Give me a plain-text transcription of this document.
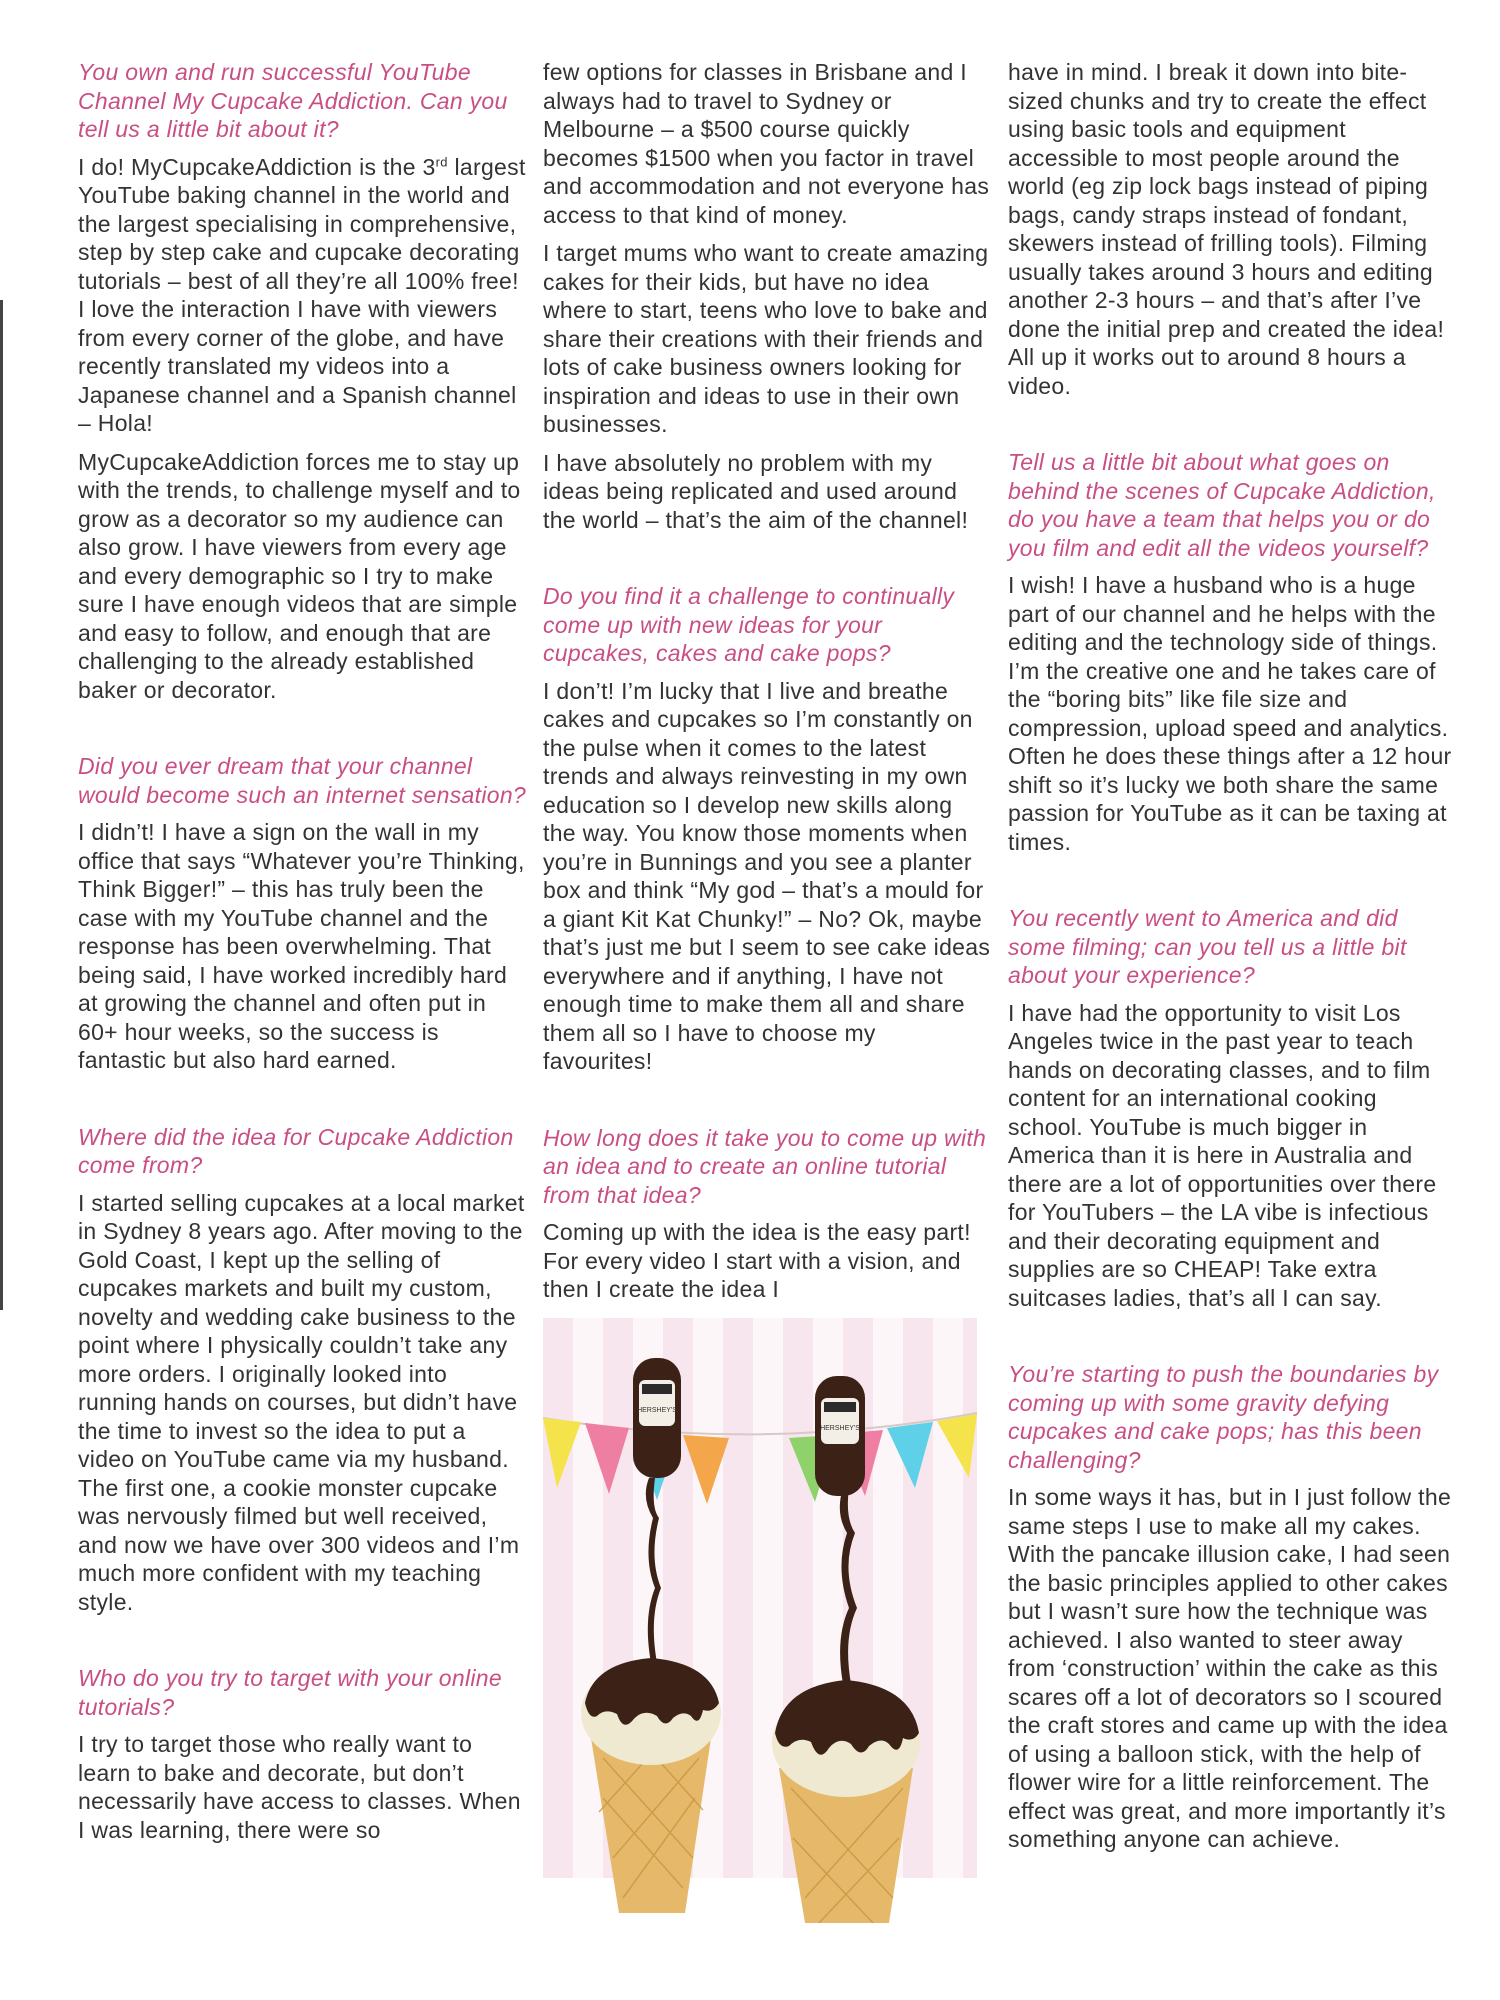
You own and run successful YouTube Channel My Cupcake Addiction. Can you tell us a little bit about it?

I do! MyCupcakeAddiction is the 3rd largest YouTube baking channel in the world and the largest specialising in comprehensive, step by step cake and cupcake decorating tutorials – best of all they’re all 100% free! I love the interaction I have with viewers from every corner of the globe, and have recently translated my videos into a Japanese channel and a Spanish channel – Hola!

MyCupcakeAddiction forces me to stay up with the trends, to challenge myself and to grow as a decorator so my audience can also grow. I have viewers from every age and every demographic so I try to make sure I have enough videos that are simple and easy to follow, and enough that are challenging to the already established baker or decorator.

Did you ever dream that your channel would become such an internet sensation?

I didn’t! I have a sign on the wall in my office that says “Whatever you’re Thinking, Think Bigger!” – this has truly been the case with my YouTube channel and the response has been overwhelming. That being said, I have worked incredibly hard at growing the channel and often put in 60+ hour weeks, so the success is fantastic but also hard earned.

Where did the idea for Cupcake Addiction come from?

I started selling cupcakes at a local market in Sydney 8 years ago. After moving to the Gold Coast, I kept up the selling of cupcakes markets and built my custom, novelty and wedding cake business to the point where I physically couldn’t take any more orders. I originally looked into running hands on courses, but didn’t have the time to invest so the idea to put a video on YouTube came via my husband. The first one, a cookie monster cupcake was nervously filmed but well received, and now we have over 300 videos and I’m much more confident with my teaching style.

Who do you try to target with your online tutorials?

I try to target those who really want to learn to bake and decorate, but don’t necessarily have access to classes. When I was learning, there were so

few options for classes in Brisbane and I always had to travel to Sydney or Melbourne – a $500 course quickly becomes $1500 when you factor in travel and accommodation and not everyone has access to that kind of money.

I target mums who want to create amazing cakes for their kids, but have no idea where to start, teens who love to bake and share their creations with their friends and lots of cake business owners looking for inspiration and ideas to use in their own businesses.

I have absolutely no problem with my ideas being replicated and used around the world – that’s the aim of the channel!

Do you find it a challenge to continually come up with new ideas for your cupcakes, cakes and cake pops?

I don’t! I’m lucky that I live and breathe cakes and cupcakes so I’m constantly on the pulse when it comes to the latest trends and always reinvesting in my own education so I develop new skills along the way. You know those moments when you’re in Bunnings and you see a planter box and think “My god – that’s a mould for a giant Kit Kat Chunky!” – No? Ok, maybe that’s just me but I seem to see cake ideas everywhere and if anything, I have not enough time to make them all and share them all so I have to choose my favourites!

How long does it take you to come up with an idea and to create an online tutorial from that idea?

Coming up with the idea is the easy part! For every video I start with a vision, and then I create the idea I

HERSHEY'S
HERSHEY'S

have in mind. I break it down into bite-sized chunks and try to create the effect using basic tools and equipment accessible to most people around the world (eg zip lock bags instead of piping bags, candy straps instead of fondant, skewers instead of frilling tools). Filming usually takes around 3 hours and editing another 2-3 hours – and that’s after I’ve done the initial prep and created the idea! All up it works out to around 8 hours a video.

Tell us a little bit about what goes on behind the scenes of Cupcake Addiction, do you have a team that helps you or do you film and edit all the videos yourself?

I wish! I have a husband who is a huge part of our channel and he helps with the editing and the technology side of things. I’m the creative one and he takes care of the “boring bits” like file size and compression, upload speed and analytics. Often he does these things after a 12 hour shift so it’s lucky we both share the same passion for YouTube as it can be taxing at times.

You recently went to America and did some filming; can you tell us a little bit about your experience?

I have had the opportunity to visit Los Angeles twice in the past year to teach hands on decorating classes, and to film content for an international cooking school. YouTube is much bigger in America than it is here in Australia and there are a lot of opportunities over there for YouTubers – the LA vibe is infectious and their decorating equipment and supplies are so CHEAP! Take extra suitcases ladies, that’s all I can say.

You’re starting to push the boundaries by coming up with some gravity defying cupcakes and cake pops; has this been challenging?

In some ways it has, but in I just follow the same steps I use to make all my cakes. With the pancake illusion cake, I had seen the basic principles applied to other cakes but I wasn’t sure how the technique was achieved. I also wanted to steer away from ‘construction’ within the cake as this scares off a lot of decorators so I scoured the craft stores and came up with the idea of using a balloon stick, with the help of flower wire for a little reinforcement. The effect was great, and more importantly it’s something anyone can achieve.
